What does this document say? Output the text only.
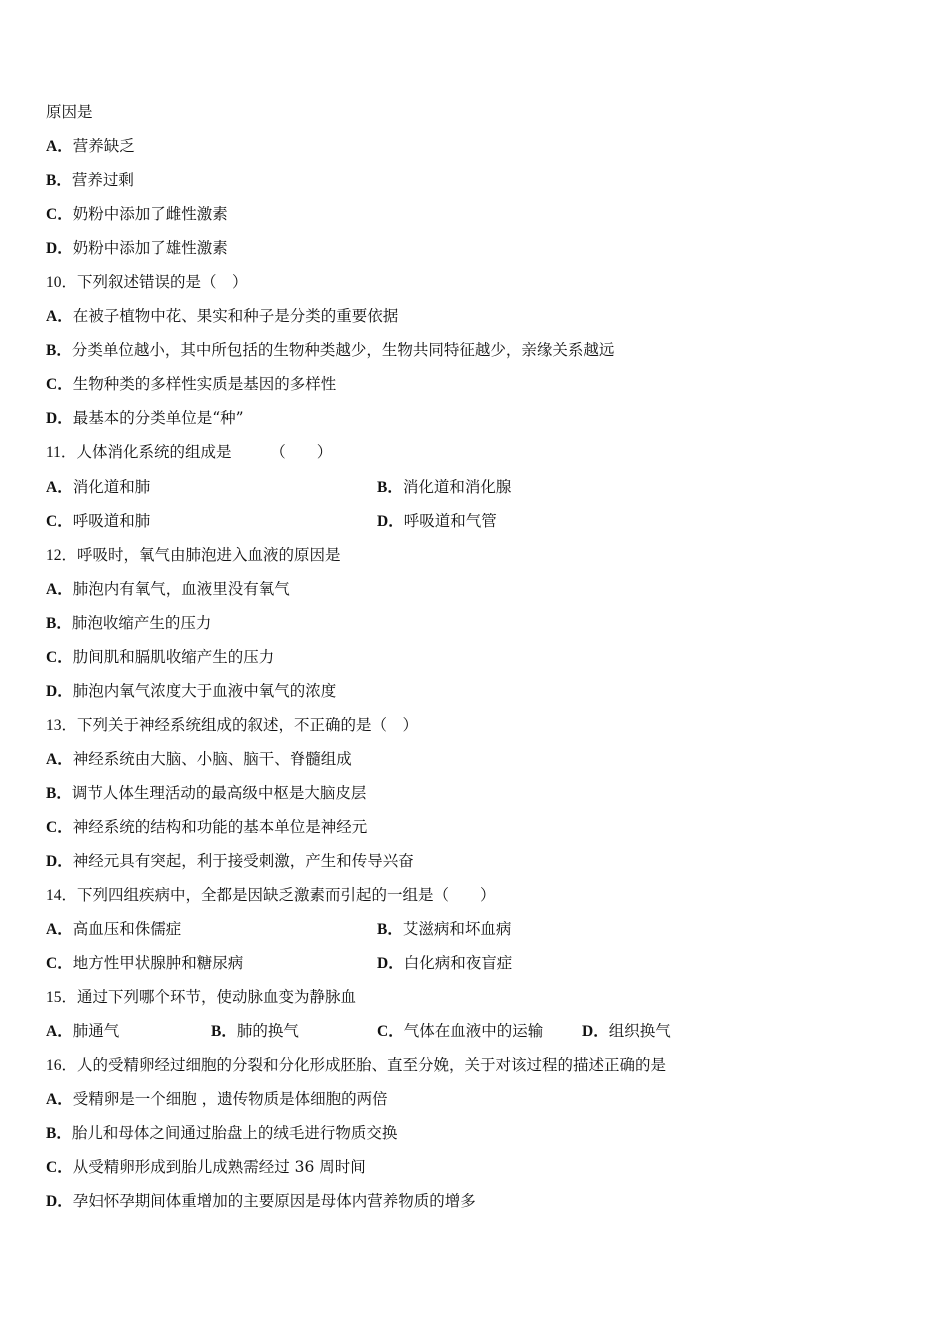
原因是
A．营养缺乏
B．营养过剩
C．奶粉中添加了雌性激素
D．奶粉中添加了雄性激素
10．下列叙述错误的是（　）
A．在被子植物中花、果实和种子是分类的重要依据
B．分类单位越小，其中所包括的生物种类越少，生物共同特征越少，亲缘关系越远
C．生物种类的多样性实质是基因的多样性
D．最基本的分类单位是“种”
11．人体消化系统的组成是　　　（　　）
A．消化道和肺	B．消化道和消化腺
C．呼吸道和肺	D．呼吸道和气管
12．呼吸时，氧气由肺泡进入血液的原因是
A．肺泡内有氧气，血液里没有氧气
B．肺泡收缩产生的压力
C．肋间肌和膈肌收缩产生的压力
D．肺泡内氧气浓度大于血液中氧气的浓度
13．下列关于神经系统组成的叙述，不正确的是（　）
A．神经系统由大脑、小脑、脑干、脊髓组成
B．调节人体生理活动的最高级中枢是大脑皮层
C．神经系统的结构和功能的基本单位是神经元
D．神经元具有突起，利于接受刺激，产生和传导兴奋
14．下列四组疾病中，全都是因缺乏激素而引起的一组是（　　）
A．高血压和侏儒症	B．艾滋病和坏血病
C．地方性甲状腺肿和糖尿病	D．白化病和夜盲症
15．通过下列哪个环节，使动脉血变为静脉血
A．肺通气	B．肺的换气	C．气体在血液中的运输	D．组织换气
16．人的受精卵经过细胞的分裂和分化形成胚胎、直至分娩，关于对该过程的描述正确的是
A．受精卵是一个细胞 ，遗传物质是体细胞的两倍
B．胎儿和母体之间通过胎盘上的绒毛进行物质交换
C．从受精卵形成到胎儿成熟需经过 36 周时间
D．孕妇怀孕期间体重增加的主要原因是母体内营养物质的增多
